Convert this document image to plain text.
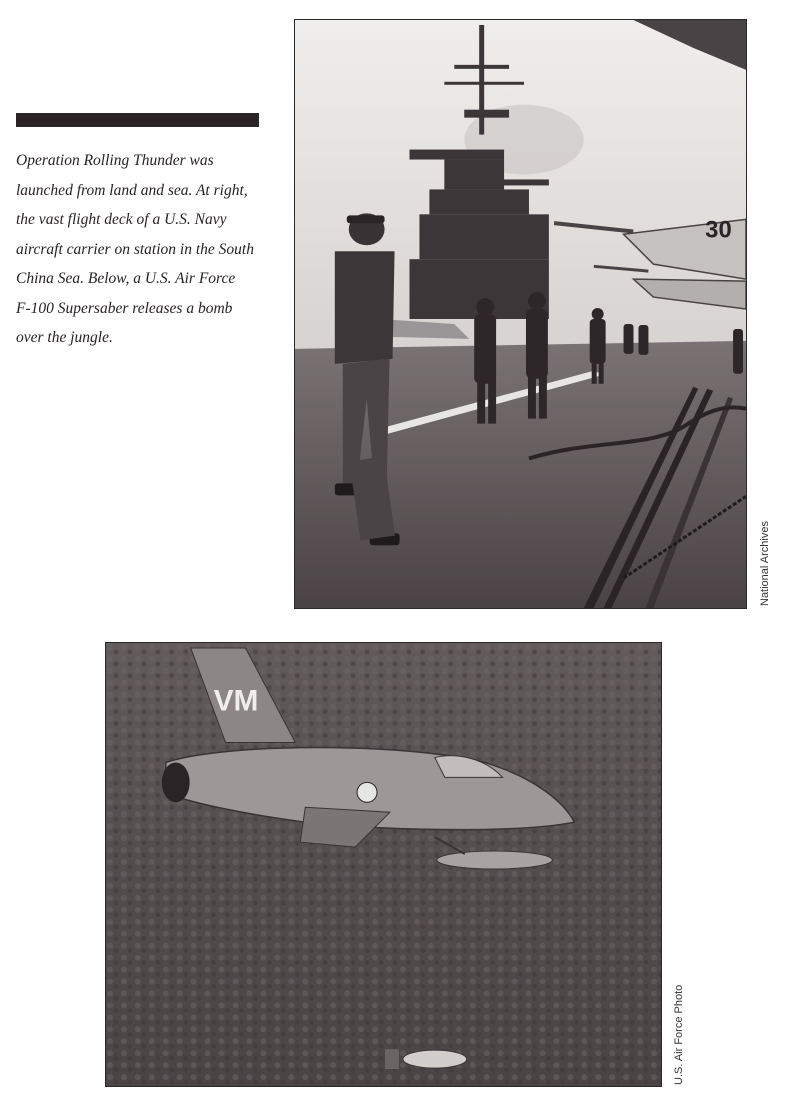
Operation Rolling Thunder was

launched from land and sea. At right,

the vast flight deck of a U.S. Navy

aircraft carrier on station in the South

China Sea. Below, a U.S. Air Force

F-100 Supersaber releases a bomb

over the jungle.

30
National Archives
VM
U.S. Air Force Photo
